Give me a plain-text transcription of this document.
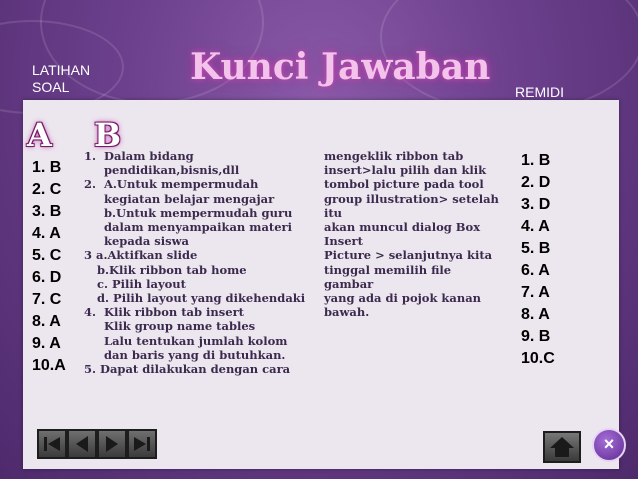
LATIHAN
SOAL	Kunci Jawaban
REMIDI
A B
1. B
2. C
3. B
4. A
5. C
6. D
7. C
8. A
9. A
10.A
1. Dalam bidang
pendidikan,bisnis,dll
2. A.Untuk mempermudah
kegiatan belajar mengajar
b.Untuk mempermudah guru
dalam menyampaikan materi
kepada siswa
3 a.Aktifkan slide
b.Klik ribbon tab home
c. Pilih layout
d. Pilih layout yang dikehendaki
4. Klik ribbon tab insert
Klik group name tables
Lalu tentukan jumlah kolom
dan baris yang di butuhkan.
5. Dapat dilakukan dengan cara
mengeklik ribbon tab
insert>lalu pilih dan klik
tombol picture pada tool
group illustration> setelah itu
akan muncul dialog Box Insert
Picture > selanjutnya kita
tinggal memilih file gambar
yang ada di pojok kanan
bawah.
1. B
2. D
3. D
4. A
5. B
6. A
7. A
8. A
9. B
10.C
×
